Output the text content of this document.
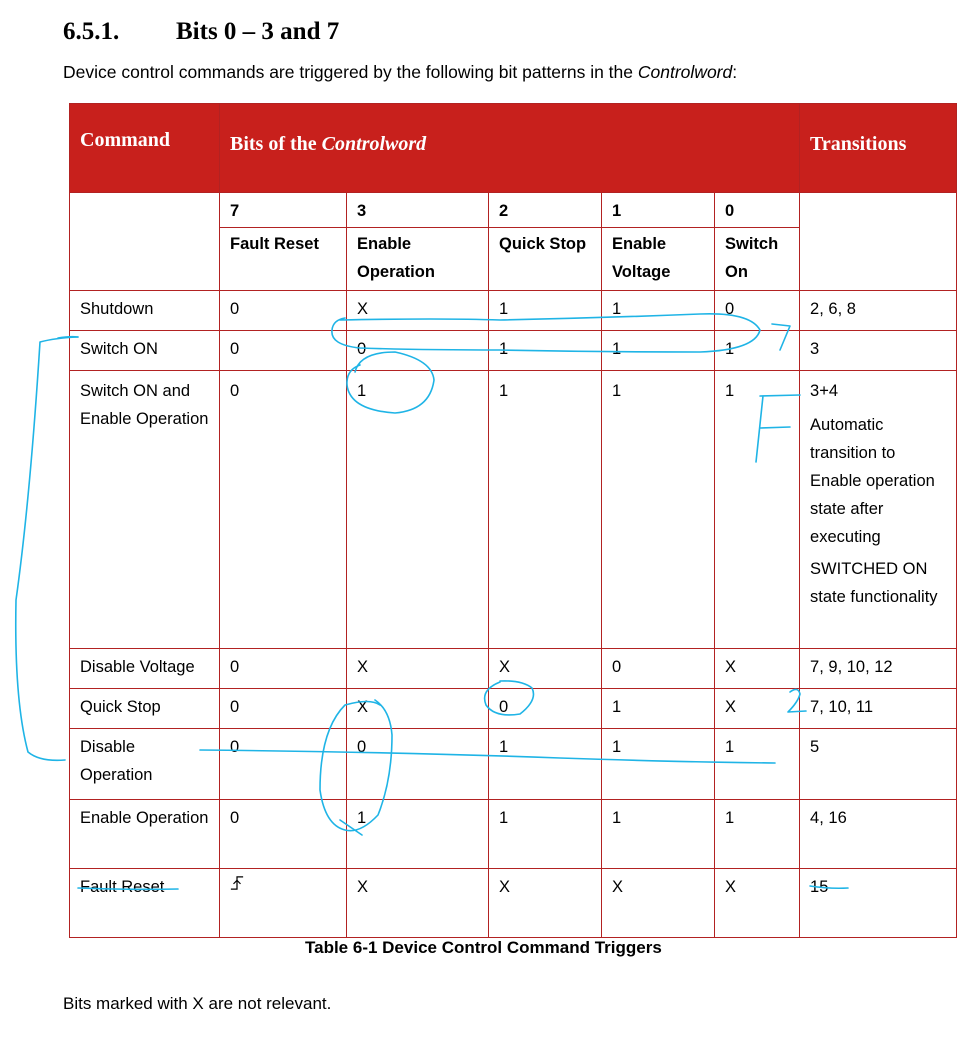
6.5.1. Bits 0 – 3 and 7
Device control commands are triggered by the following bit patterns in the Controlword:
Command	Bits of the Controlword					Transitions
	7	3	2	1	0	
	Fault Reset	Enable Operation	Quick Stop	Enable Voltage	Switch On	
Shutdown	0	X	1	1	0	2, 6, 8
Switch ON	0	0	1	1	1	3
Switch ON and Enable Operation	0	1	1	1	1	3+4
Automatic transition to Enable operation state after executing
SWITCHED ON state functionality

Disable Voltage	0	X	X	0	X	7, 9, 10, 12
Quick Stop	0	X	0	1	X	7, 10, 11
Disable Operation	0	0	1	1	1	5
Enable Operation	0	1	1	1	1	4, 16
Fault Reset		X	X	X	X	15
Table 6-1 Device Control Command Triggers
Bits marked with X are not relevant.
